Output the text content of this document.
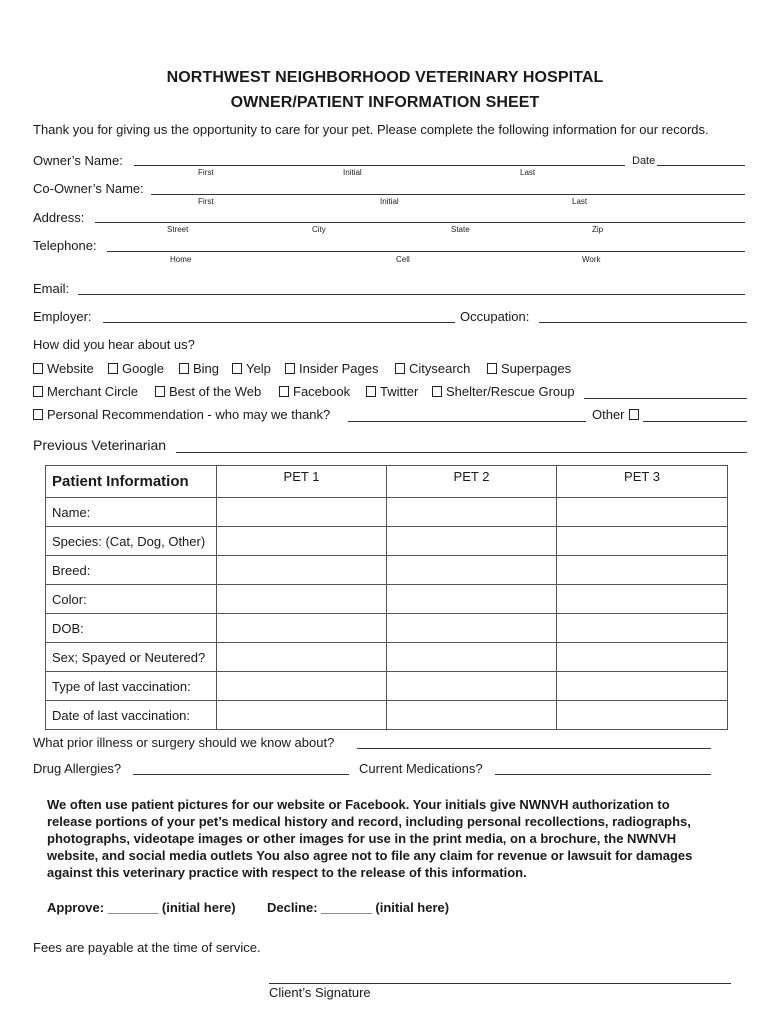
NORTHWEST NEIGHBORHOOD VETERINARY HOSPITAL
OWNER/PATIENT INFORMATION SHEET
Thank you for giving us the opportunity to care for your pet. Please complete the following information for our records.
Owner’s Name:	Date
First	Initial	Last
Co-Owner’s Name:
First	Initial	Last
Address:
Street	City	State	Zip
Telephone:
Home	Cell	Work
Email:
Employer:	Occupation:
How did you hear about us?
Website	Google	Bing	Yelp	Insider Pages	Citysearch	Superpages
Merchant Circle	Best of the Web	Facebook	Twitter	Shelter/Rescue Group
Personal Recommendation - who may we thank?	Other
Previous Veterinarian
Patient Information	PET 1	PET 2	PET 3
Name:			
Species: (Cat, Dog, Other)			
Breed:			
Color:			
DOB:			
Sex; Spayed or Neutered?			
Type of last vaccination:			
Date of last vaccination:			
What prior illness or surgery should we know about?
Drug Allergies?	Current Medications?
We often use patient pictures for our website or Facebook. Your initials give NWNVH authorization to
release portions of your pet’s medical history and record, including personal recollections, radiographs,
photographs, videotape images or other images for use in the print media, on a brochure, the NWNVH
website, and social media outlets You also agree not to file any claim for revenue or lawsuit for damages
against this veterinary practice with respect to the release of this information.
Approve: _______ (initial here) Decline: _______ (initial here)
Fees are payable at the time of service.
Client’s Signature
